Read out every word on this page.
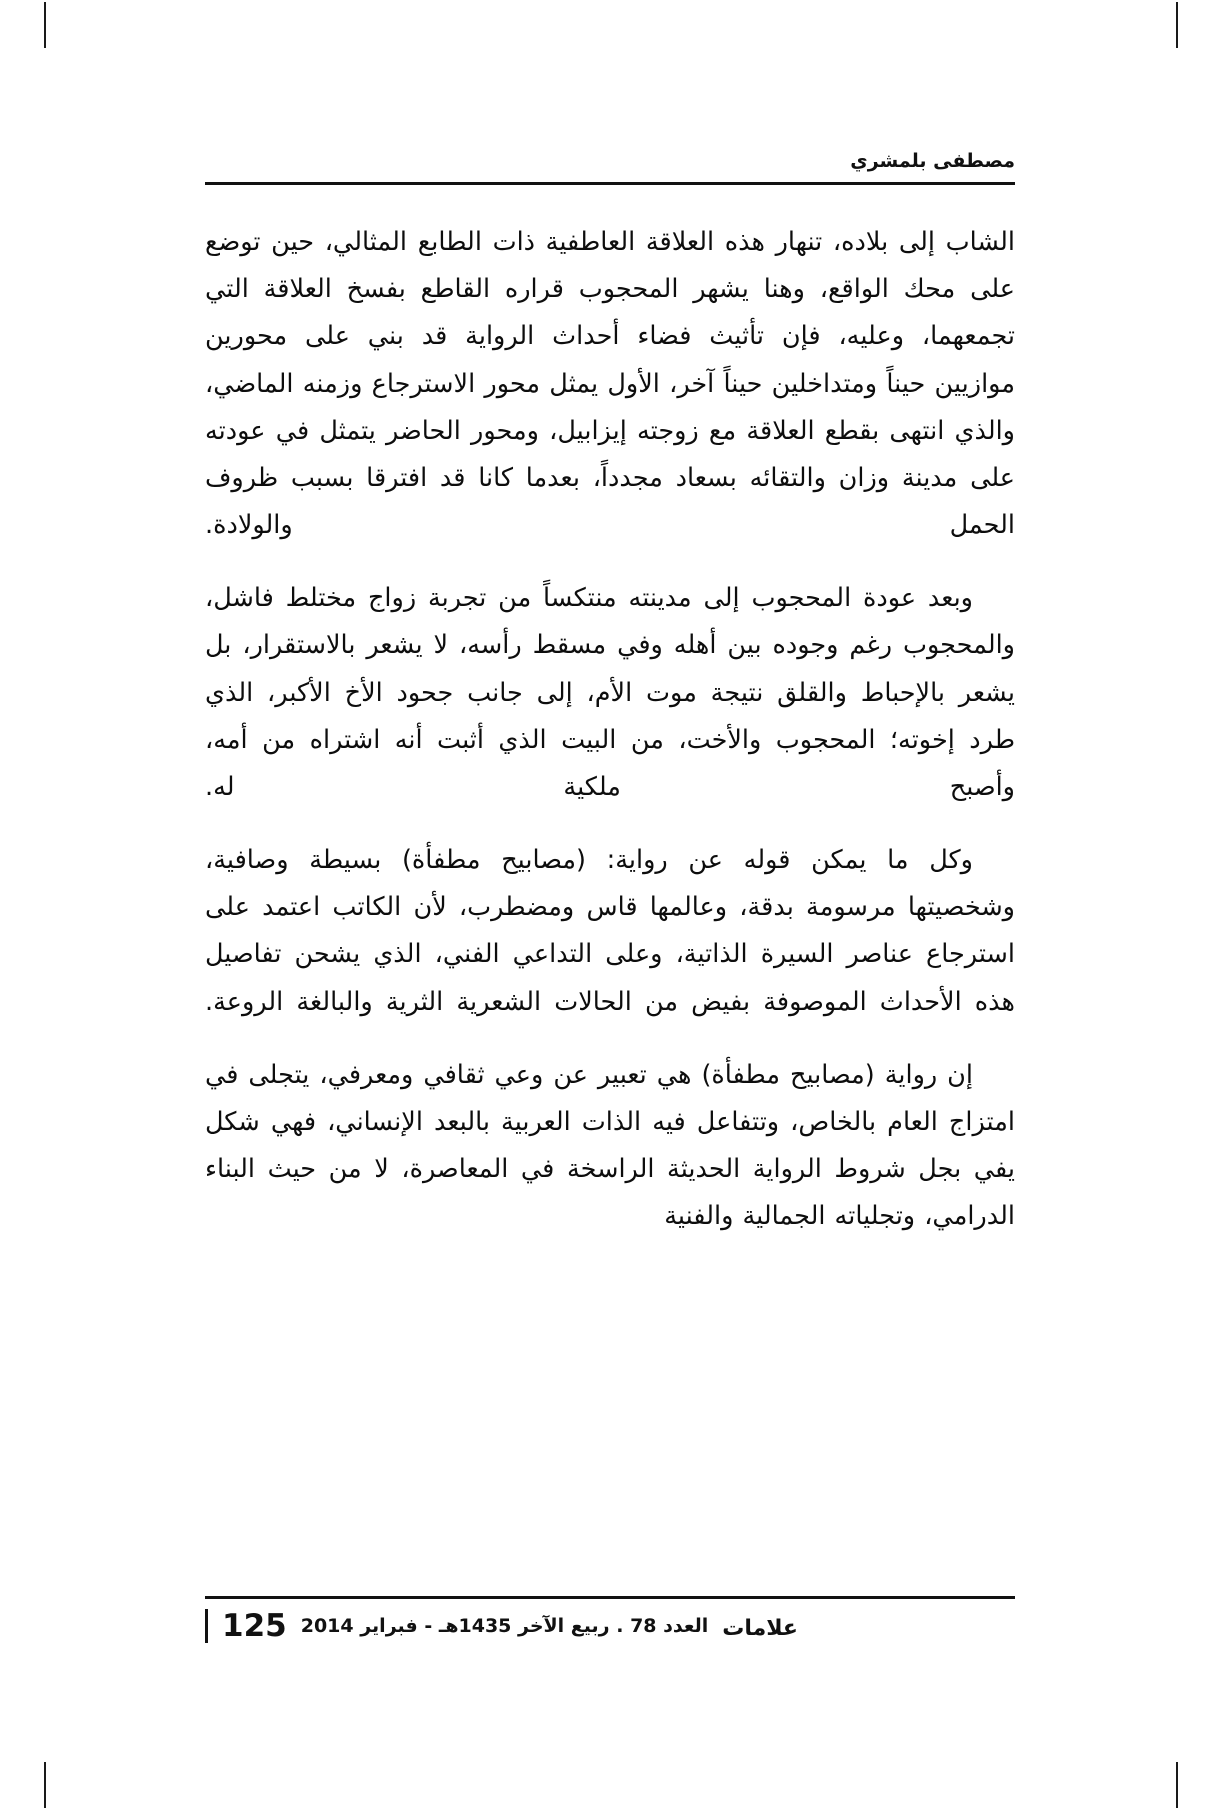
مصطفى بلمشري

الشاب إلى بلاده، تنهار هذه العلاقة العاطفية ذات الطابع المثالي، حين توضع على محك الواقع، وهنا يشهر المحجوب قراره القاطع بفسخ العلاقة التي تجمعهما، وعليه، فإن تأثيث فضاء أحداث الرواية قد بني على محورين موازيين حيناً ومتداخلين حيناً آخر، الأول يمثل محور الاسترجاع وزمنه الماضي، والذي انتهى بقطع العلاقة مع زوجته إيزابيل، ومحور الحاضر يتمثل في عودته على مدينة وزان والتقائه بسعاد مجدداً، بعدما كانا قد افترقا بسبب ظروف الحمل والولادة.

وبعد عودة المحجوب إلى مدينته منتكساً من تجربة زواج مختلط فاشل، والمحجوب رغم وجوده بين أهله وفي مسقط رأسه، لا يشعر بالاستقرار، بل يشعر بالإحباط والقلق نتيجة موت الأم، إلى جانب جحود الأخ الأكبر، الذي طرد إخوته؛ المحجوب والأخت، من البيت الذي أثبت أنه اشتراه من أمه، وأصبح ملكية له.

وكل ما يمكن قوله عن رواية: (مصابيح مطفأة) بسيطة وصافية، وشخصيتها مرسومة بدقة، وعالمها قاس ومضطرب، لأن الكاتب اعتمد على استرجاع عناصر السيرة الذاتية، وعلى التداعي الفني، الذي يشحن تفاصيل هذه الأحداث الموصوفة بفيض من الحالات الشعرية الثرية والبالغة الروعة.

إن رواية (مصابيح مطفأة) هي تعبير عن وعي ثقافي ومعرفي، يتجلى في امتزاج العام بالخاص، وتتفاعل فيه الذات العربية بالبعد الإنساني، فهي شكل يفي بجل شروط الرواية الحديثة الراسخة في المعاصرة، لا من حيث البناء الدرامي، وتجلياته الجمالية والفنية

125 العدد 78 . ربيع الآخر 1435هـ - فبراير 2014 علامات
